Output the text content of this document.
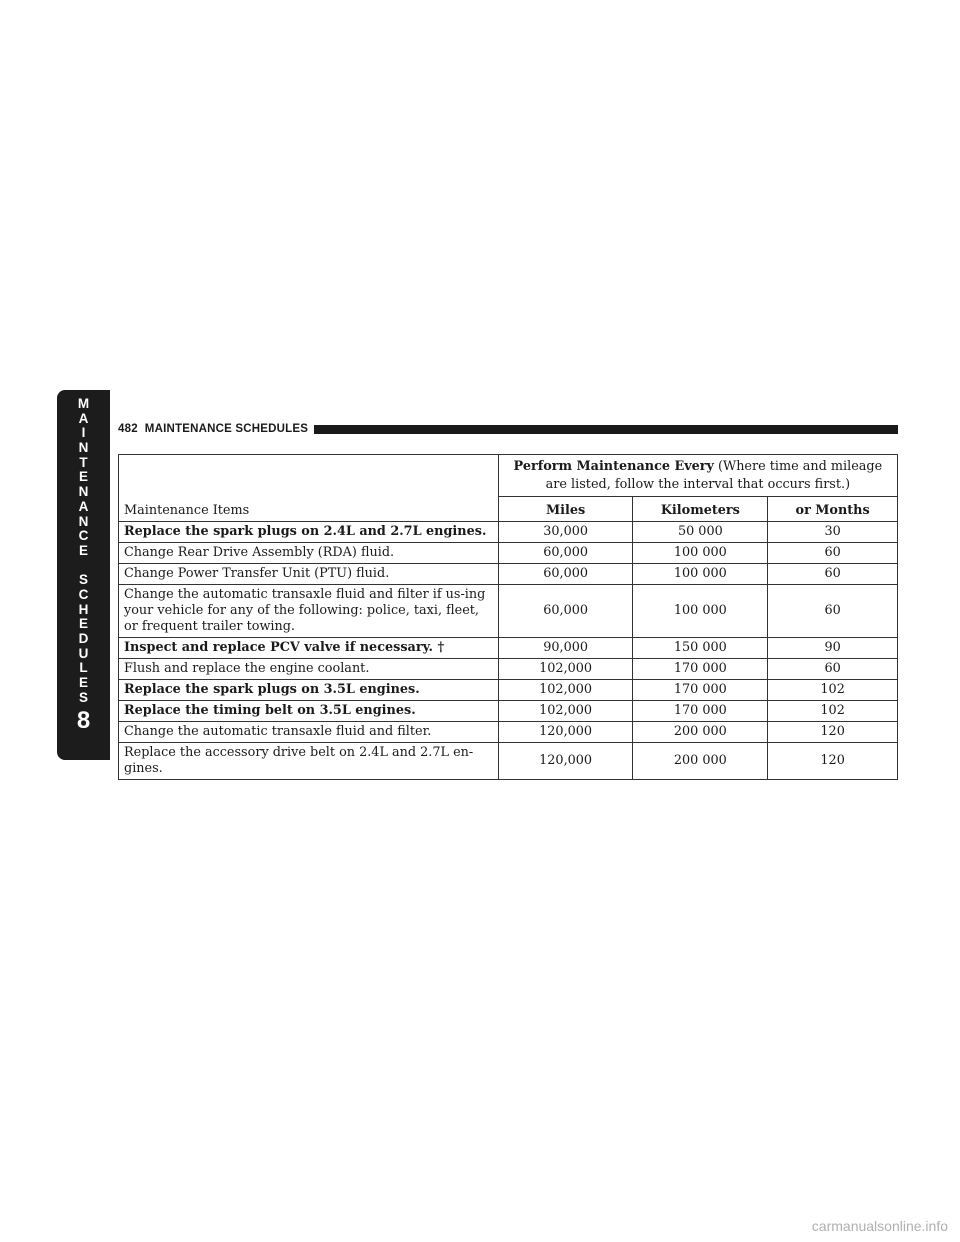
M
A
I
N
T
E
N
A
N
C
E
S
C
H
E
D
U
L
E
S
8
482 MAINTENANCE SCHEDULES
Maintenance Items	Perform Maintenance Every (Where time and mileage are listed, follow the interval that occurs first.)		
	Miles	Kilometers	or Months
Replace the spark plugs on 2.4L and 2.7L engines.	30,000	50 000	30
Change Rear Drive Assembly (RDA) fluid.	60,000	100 000	60
Change Power Transfer Unit (PTU) fluid.	60,000	100 000	60
Change the automatic transaxle fluid and filter if us-ing your vehicle for any of the following: police, taxi, fleet, or frequent trailer towing.	60,000	100 000	60
Inspect and replace PCV valve if necessary. †	90,000	150 000	90
Flush and replace the engine coolant.	102,000	170 000	60
Replace the spark plugs on 3.5L engines.	102,000	170 000	102
Replace the timing belt on 3.5L engines.	102,000	170 000	102
Change the automatic transaxle fluid and filter.	120,000	200 000	120
Replace the accessory drive belt on 2.4L and 2.7L en-gines.	120,000	200 000	120
carmanualsonline.info
